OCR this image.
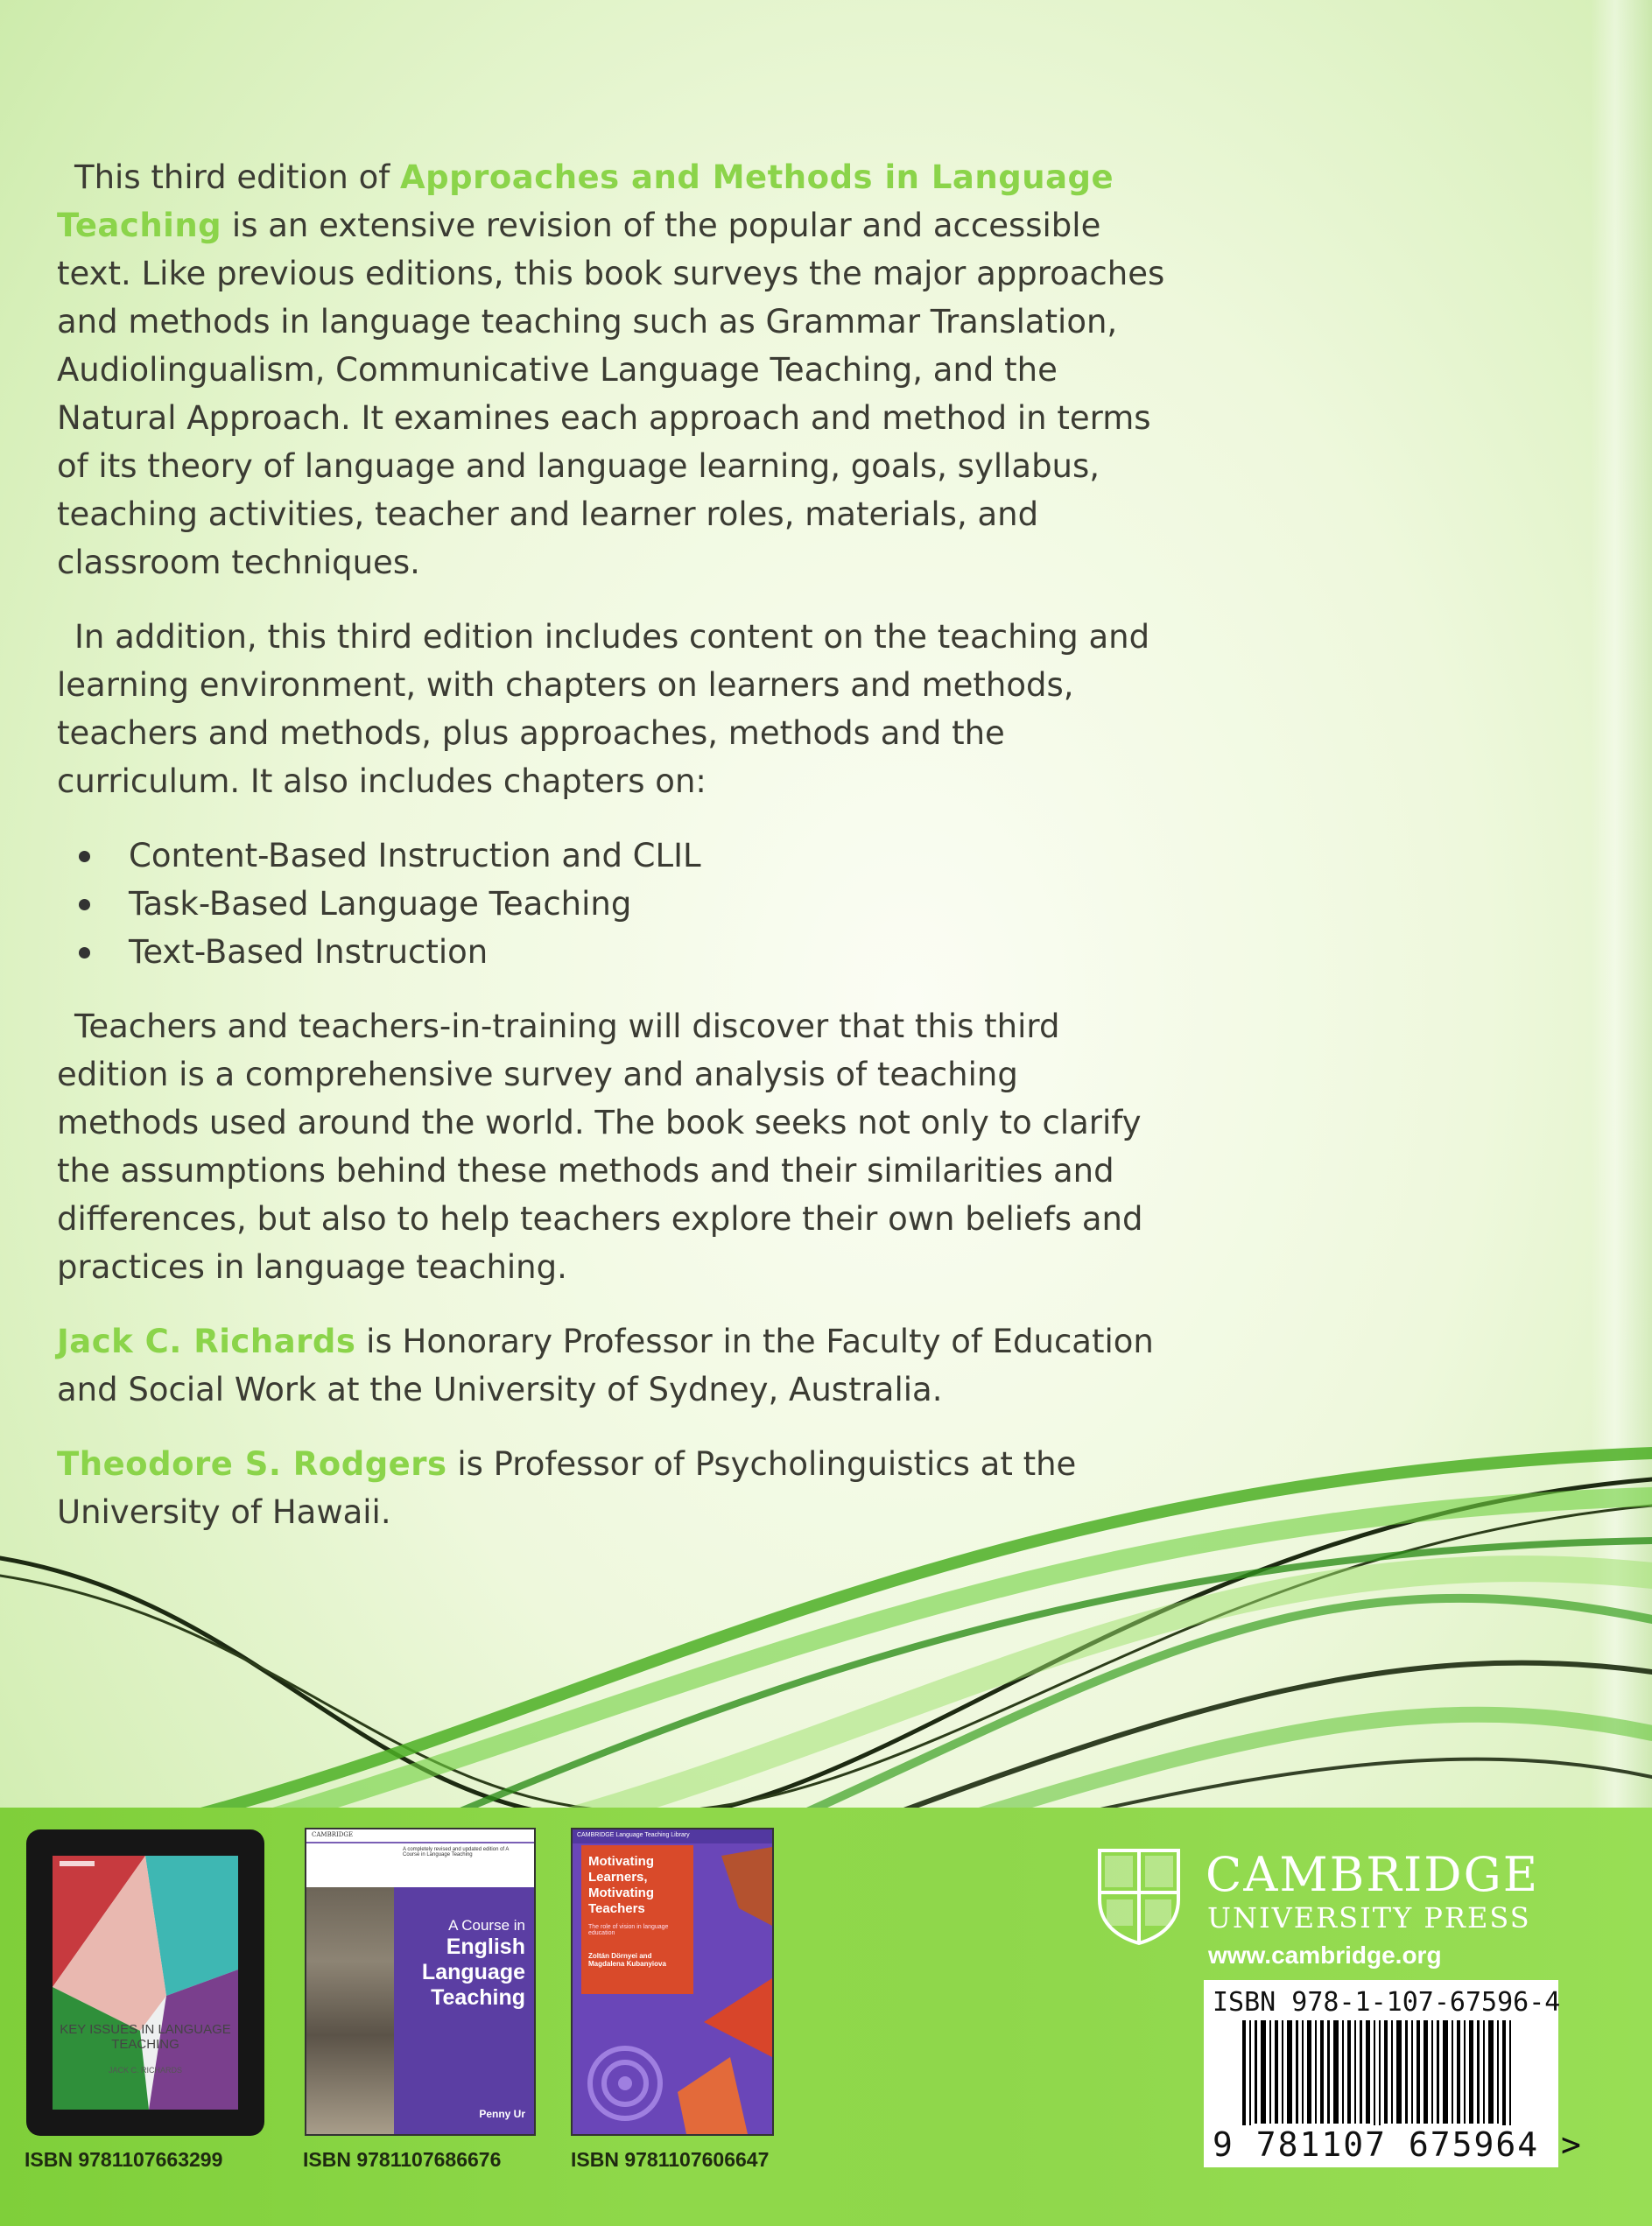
This third edition of Approaches and Methods in Language Teaching is an extensive revision of the popular and accessible text. Like previous editions, this book surveys the major approaches and methods in language teaching such as Grammar Translation, Audiolingualism, Communicative Language Teaching, and the Natural Approach. It examines each approach and method in terms of its theory of language and language learning, goals, syllabus, teaching activities, teacher and learner roles, materials, and classroom techniques.

In addition, this third edition includes content on the teaching and learning environment, with chapters on learners and methods, teachers and methods, plus approaches, methods and the curriculum. It also includes chapters on:

Content-Based Instruction and CLIL
Task-Based Language Teaching
Text-Based Instruction

Teachers and teachers-in-training will discover that this third edition is a comprehensive survey and analysis of teaching methods used around the world. The book seeks not only to clarify the assumptions behind these methods and their similarities and differences, but also to help teachers explore their own beliefs and practices in language teaching.

Jack C. Richards is Honorary Professor in the Faculty of Education and Social Work at the University of Sydney, Australia.

Theodore S. Rodgers is Professor of Psycholinguistics at the University of Hawaii.

KEY ISSUES IN LANGUAGE TEACHING
JACK C. RICHARDS
ISBN 9781107663299
CAMBRIDGE
A completely revised and updated edition of A Course in Language Teaching
A Course in
English
Language
Teaching
Penny Ur
ISBN 9781107686676
CAMBRIDGE Language Teaching Library
Motivating
Learners,
Motivating
Teachers
The role of vision in language education
Zoltán Dörnyei and
Magdalena Kubanyiova
ISBN 9781107606647
CAMBRIDGE
UNIVERSITY PRESS
www.cambridge.org
ISBN 978-1-107-67596-4
9 781107 675964 >
